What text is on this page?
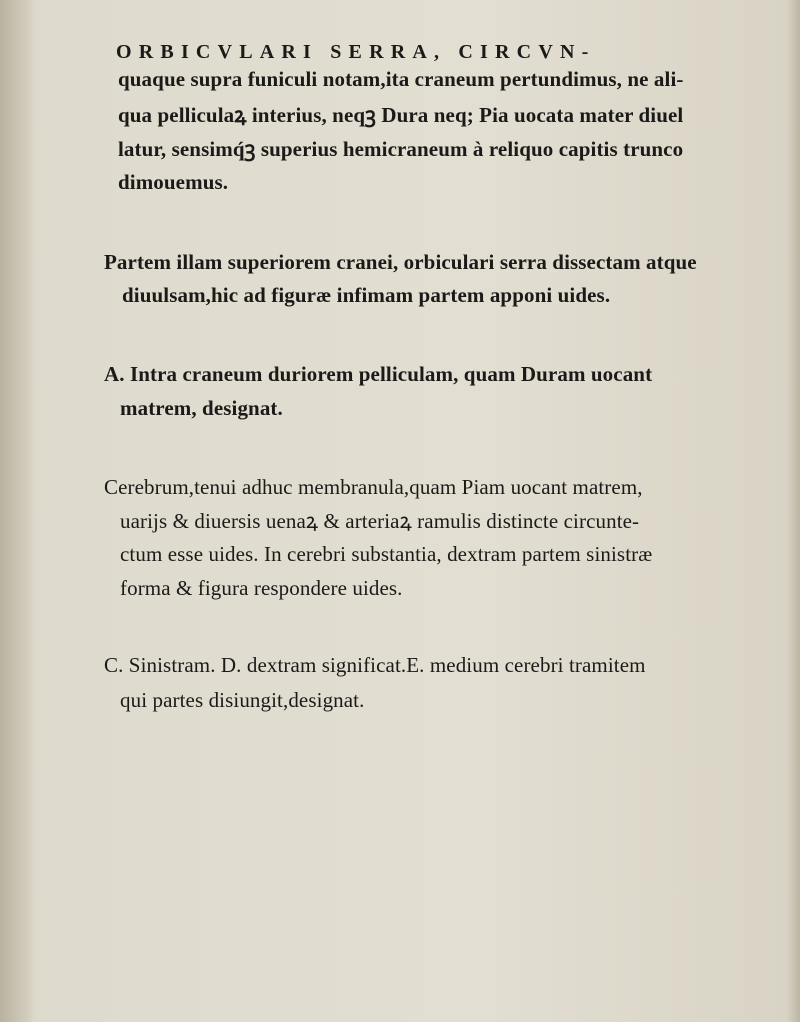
ORBICVLARI SERRA, CIRCVN-
quaque supra funiculi notam,ita craneum pertundimus, ne ali-
qua pelliculaꝝ interius, neqꝫ Dura neq; Pia uocata mater diuel
latur, sensimq́ꝫ superius hemicraneum à reliquo capitis trunco
dimouemus.
Partem illam superiorem cranei, orbiculari serra dissectam atque
diuulsam,hic ad figuræ infimam partem apponi uides.
A. Intra craneum duriorem pelliculam, quam Duram uocant
matrem, designat.
Cerebrum,tenui adhuc membranula,quam Piam uocant matrem,
uarijs & diuersis uenaꝝ & arteriaꝝ ramulis distincte circunte-
ctum esse uides. In cerebri substantia, dextram partem sinistræ
forma & figura respondere uides.
C. Sinistram. D. dextram significat.E. medium cerebri tramitem
qui partes disiungit,designat.
